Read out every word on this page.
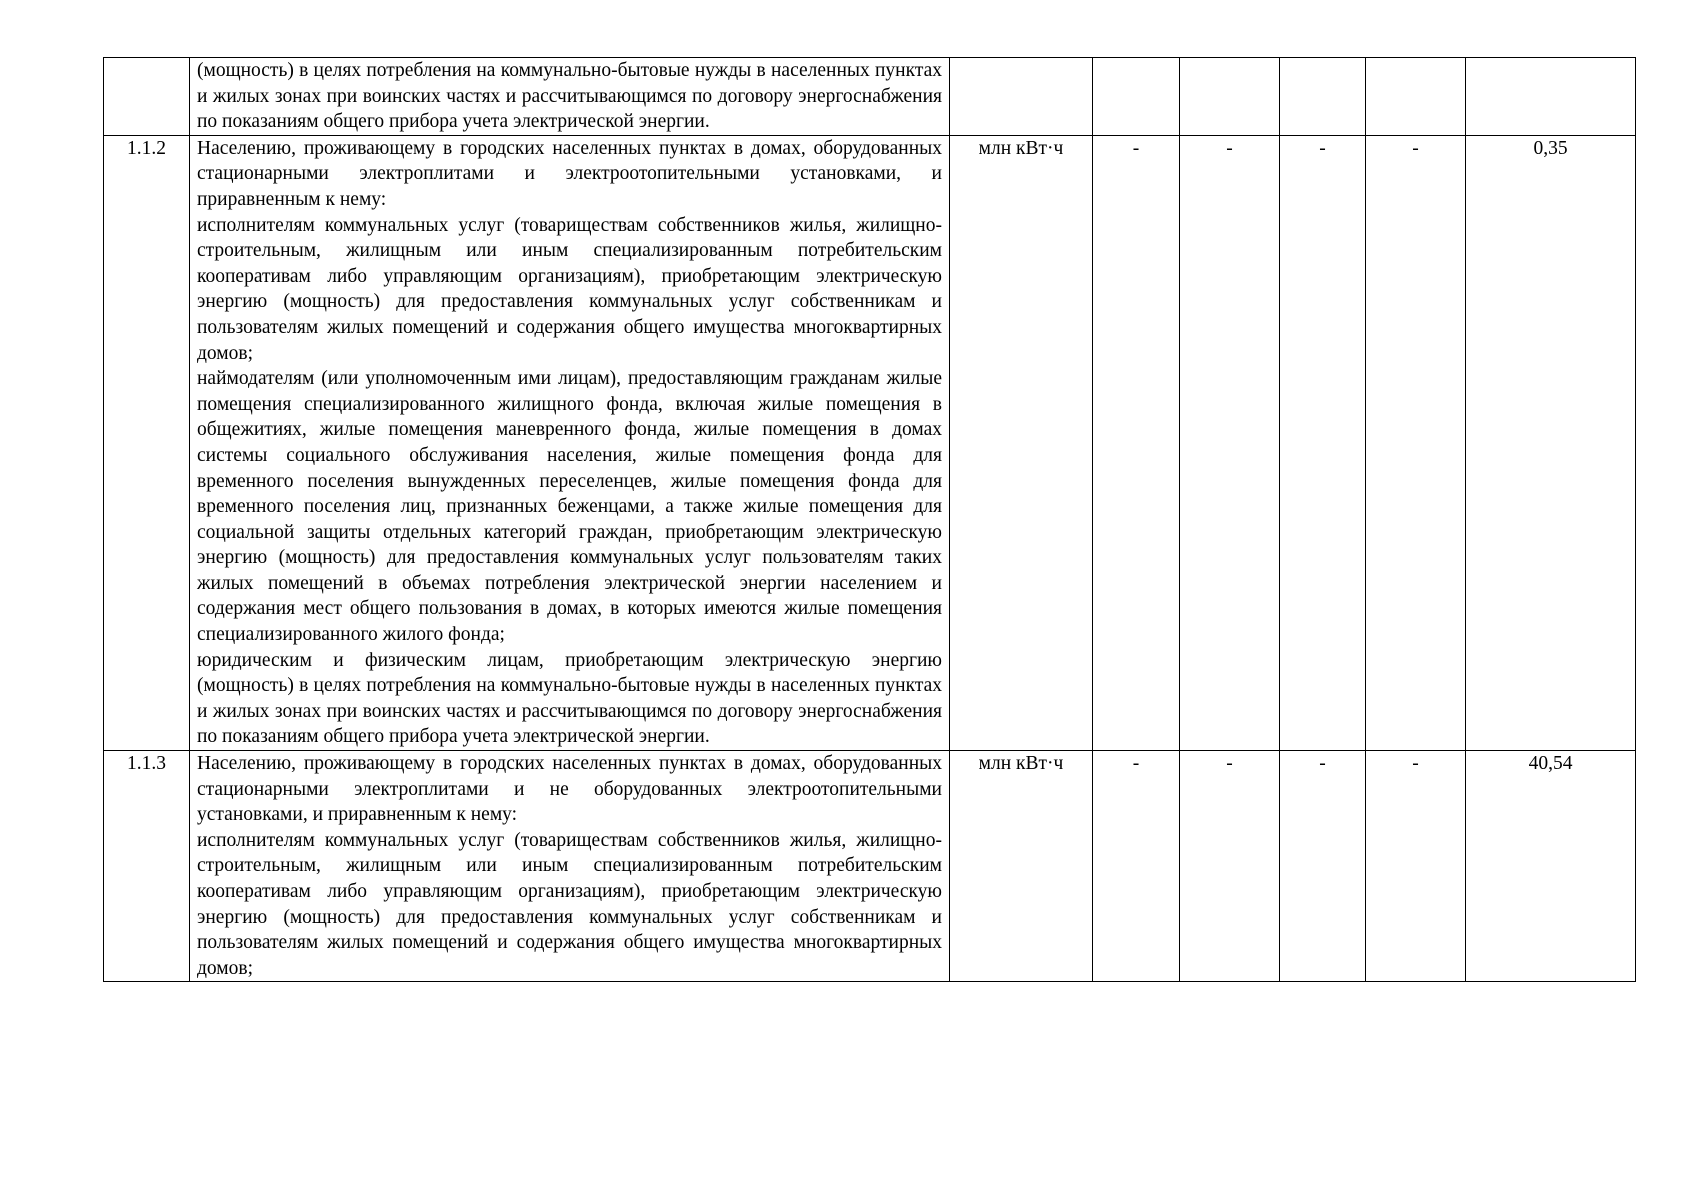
	(мощность) в целях потребления на коммунально-бытовые нужды в населенных пунктах и жилых зонах при воинских частях и рассчитывающимся по договору энергоснабжения по показаниям общего прибора учета электрической энергии.						

1.1.2	Населению, проживающему в городских населенных пунктах в домах, оборудованных стационарными электроплитами и электроотопительными установками, и приравненным к нему:

исполнителям коммунальных услуг (товариществам собственников жилья, жилищно-строительным, жилищным или иным специализированным потребительским кооперативам либо управляющим организациям), приобретающим электрическую энергию (мощность) для предоставления коммунальных услуг собственникам и пользователям жилых помещений и содержания общего имущества многоквартирных домов;

наймодателям (или уполномоченным ими лицам), предоставляющим гражданам жилые помещения специализированного жилищного фонда, включая жилые помещения в общежитиях, жилые помещения маневренного фонда, жилые помещения в домах системы социального обслуживания населения, жилые помещения фонда для временного поселения вынужденных переселенцев, жилые помещения фонда для временного поселения лиц, признанных беженцами, а также жилые помещения для социальной защиты отдельных категорий граждан, приобретающим электрическую энергию (мощность) для предоставления коммунальных услуг пользователям таких жилых помещений в объемах потребления электрической энергии населением и содержания мест общего пользования в домах, в которых имеются жилые помещения специализированного жилого фонда;

юридическим и физическим лицам, приобретающим электрическую энергию (мощность) в целях потребления на коммунально-бытовые нужды в населенных пунктах и жилых зонах при воинских частях и рассчитывающимся по договору энергоснабжения по показаниям общего прибора учета электрической энергии.	млн кВт·ч	-	-	-	-	0,35
1.1.3	Населению, проживающему в городских населенных пунктах в домах, оборудованных стационарными электроплитами и не оборудованных электроотопительными установками, и приравненным к нему:

исполнителям коммунальных услуг (товариществам собственников жилья, жилищно-строительным, жилищным или иным специализированным потребительским кооперативам либо управляющим организациям), приобретающим электрическую энергию (мощность) для предоставления коммунальных услуг собственникам и пользователям жилых помещений и содержания общего имущества многоквартирных домов;	млн кВт·ч	-	-	-	-	40,54
